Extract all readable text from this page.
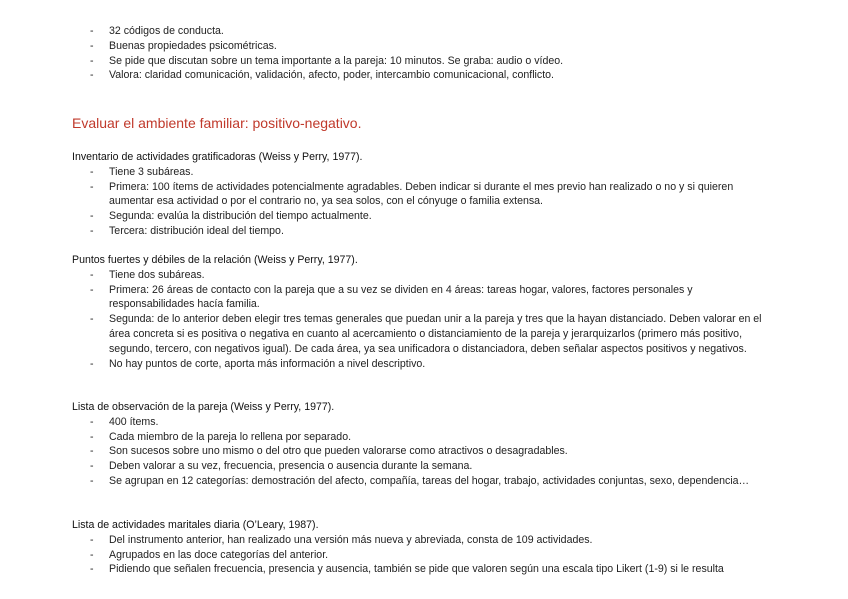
- 32 códigos de conducta.
- Buenas propiedades psicométricas.
- Se pide que discutan sobre un tema importante a la pareja: 10 minutos. Se graba: audio o vídeo.
- Valora: claridad comunicación, validación, afecto, poder, intercambio comunicacional, conflicto.
Evaluar el ambiente familiar: positivo-negativo.
Inventario de actividades gratificadoras (Weiss y Perry, 1977).
- Tiene 3 subáreas.
- Primera: 100 ítems de actividades potencialmente agradables. Deben indicar si durante el mes previo han realizado o no y si quieren aumentar esa actividad o por el contrario no, ya sea solos, con el cónyuge o familia extensa.
- Segunda: evalúa la distribución del tiempo actualmente.
- Tercera: distribución ideal del tiempo.
Puntos fuertes y débiles de la relación (Weiss y Perry, 1977).
- Tiene dos subáreas.
- Primera: 26 áreas de contacto con la pareja que a su vez se dividen en 4 áreas: tareas hogar, valores, factores personales y responsabilidades hacía familia.
- Segunda: de lo anterior deben elegir tres temas generales que puedan unir a la pareja y tres que la hayan distanciado. Deben valorar en el área concreta si es positiva o negativa en cuanto al acercamiento o distanciamiento de la pareja y jerarquizarlos (primero más positivo, segundo, tercero, con negativos igual). De cada área, ya sea unificadora o distanciadora, deben señalar aspectos positivos y negativos.
- No hay puntos de corte, aporta más información a nivel descriptivo.
Lista de observación de la pareja (Weiss y Perry, 1977).
- 400 ítems.
- Cada miembro de la pareja lo rellena por separado.
- Son sucesos sobre uno mismo o del otro que pueden valorarse como atractivos o desagradables.
- Deben valorar a su vez, frecuencia, presencia o ausencia durante la semana.
- Se agrupan en 12 categorías: demostración del afecto, compañía, tareas del hogar, trabajo, actividades conjuntas, sexo, dependencia…
Lista de actividades maritales diaria (O’Leary, 1987).
- Del instrumento anterior, han realizado una versión más nueva y abreviada, consta de 109 actividades.
- Agrupados en las doce categorías del anterior.
- Pidiendo que señalen frecuencia, presencia y ausencia, también se pide que valoren según una escala tipo Likert (1-9) si le resulta
